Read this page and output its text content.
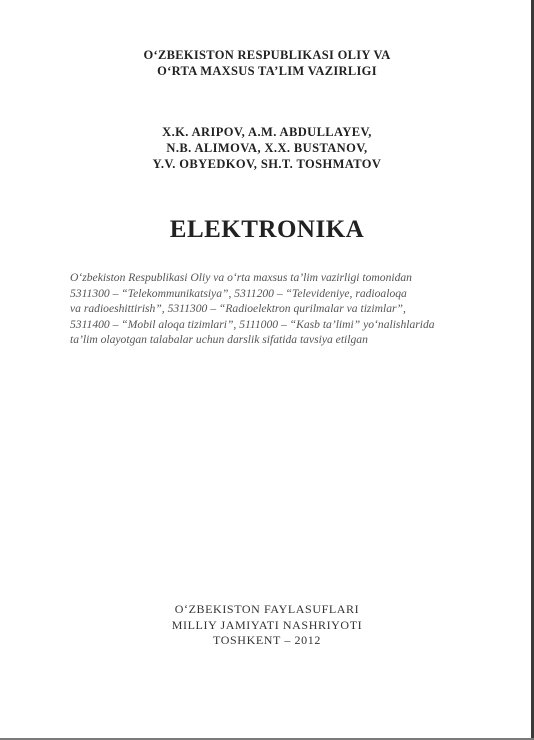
O‘ZBEKISTON RESPUBLIKASI OLIY VA
O‘RTA MAXSUS TA’LIM VAZIRLIGI
X.K. ARIPOV, A.M. ABDULLAYEV,
N.B. ALIMOVA, X.X. BUSTANOV,
Y.V. OBYEDKOV, SH.T. TOSHMATOV
ELEKTRONIKA
O‘zbekiston Respublikasi Oliy va o‘rta maxsus ta’lim vazirligi tomonidan
5311300 – “Telekommunikatsiya”, 5311200 – “Televideniye, radioaloqa
va radioeshittirish”, 5311300 – “Radioelektron qurilmalar va tizimlar”,
5311400 – “Mobil aloqa tizimlari”, 5111000 – “Kasb ta’limi” yo‘nalishlarida
ta’lim olayotgan talabalar uchun darslik sifatida tavsiya etilgan
O‘ZBEKISTON FAYLASUFLARI
MILLIY JAMIYATI NASHRIYOTI
TOSHKENT – 2012
